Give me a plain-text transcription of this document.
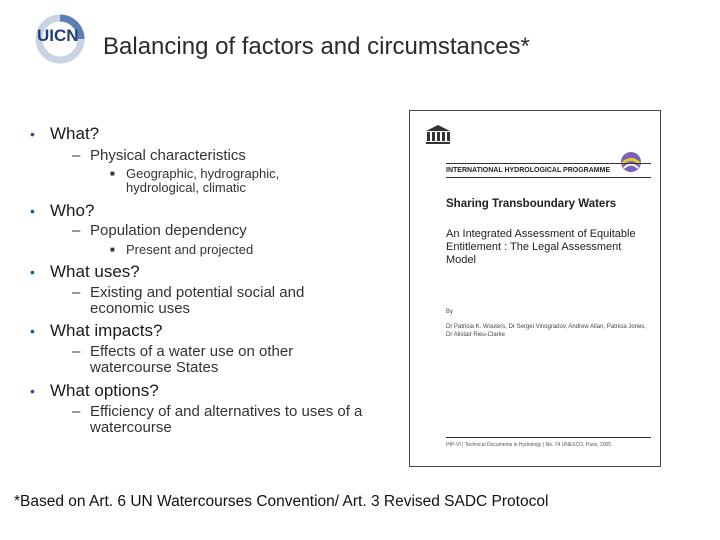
UICN Balancing of factors and circumstances*
• What?
– Physical characteristics
■ Geographic, hydrographic, hydrological, climatic
• Who?
– Population dependency
■ Present and projected
• What uses?
– Existing and potential social and economic uses
• What impacts?
– Effects of a water use on other watercourse States
• What options?
– Efficiency of and alternatives to uses of a watercourse
INTERNATIONAL HYDROLOGICAL PROGRAMME
Sharing Transboundary Waters
An Integrated Assessment of Equitable Entitlement : The Legal Assessment Model
By
Dr Patricia K. Wouters, Dr Sergei Vinogradov, Andrew Allan, Patricia Jones, Dr Alistair Rieu-Clarke
IHP-VI | Technical Documents in Hydrology | No. 74 UNESCO, Paris, 2005
*Based on Art. 6 UN Watercourses Convention/ Art. 3 Revised SADC Protocol
